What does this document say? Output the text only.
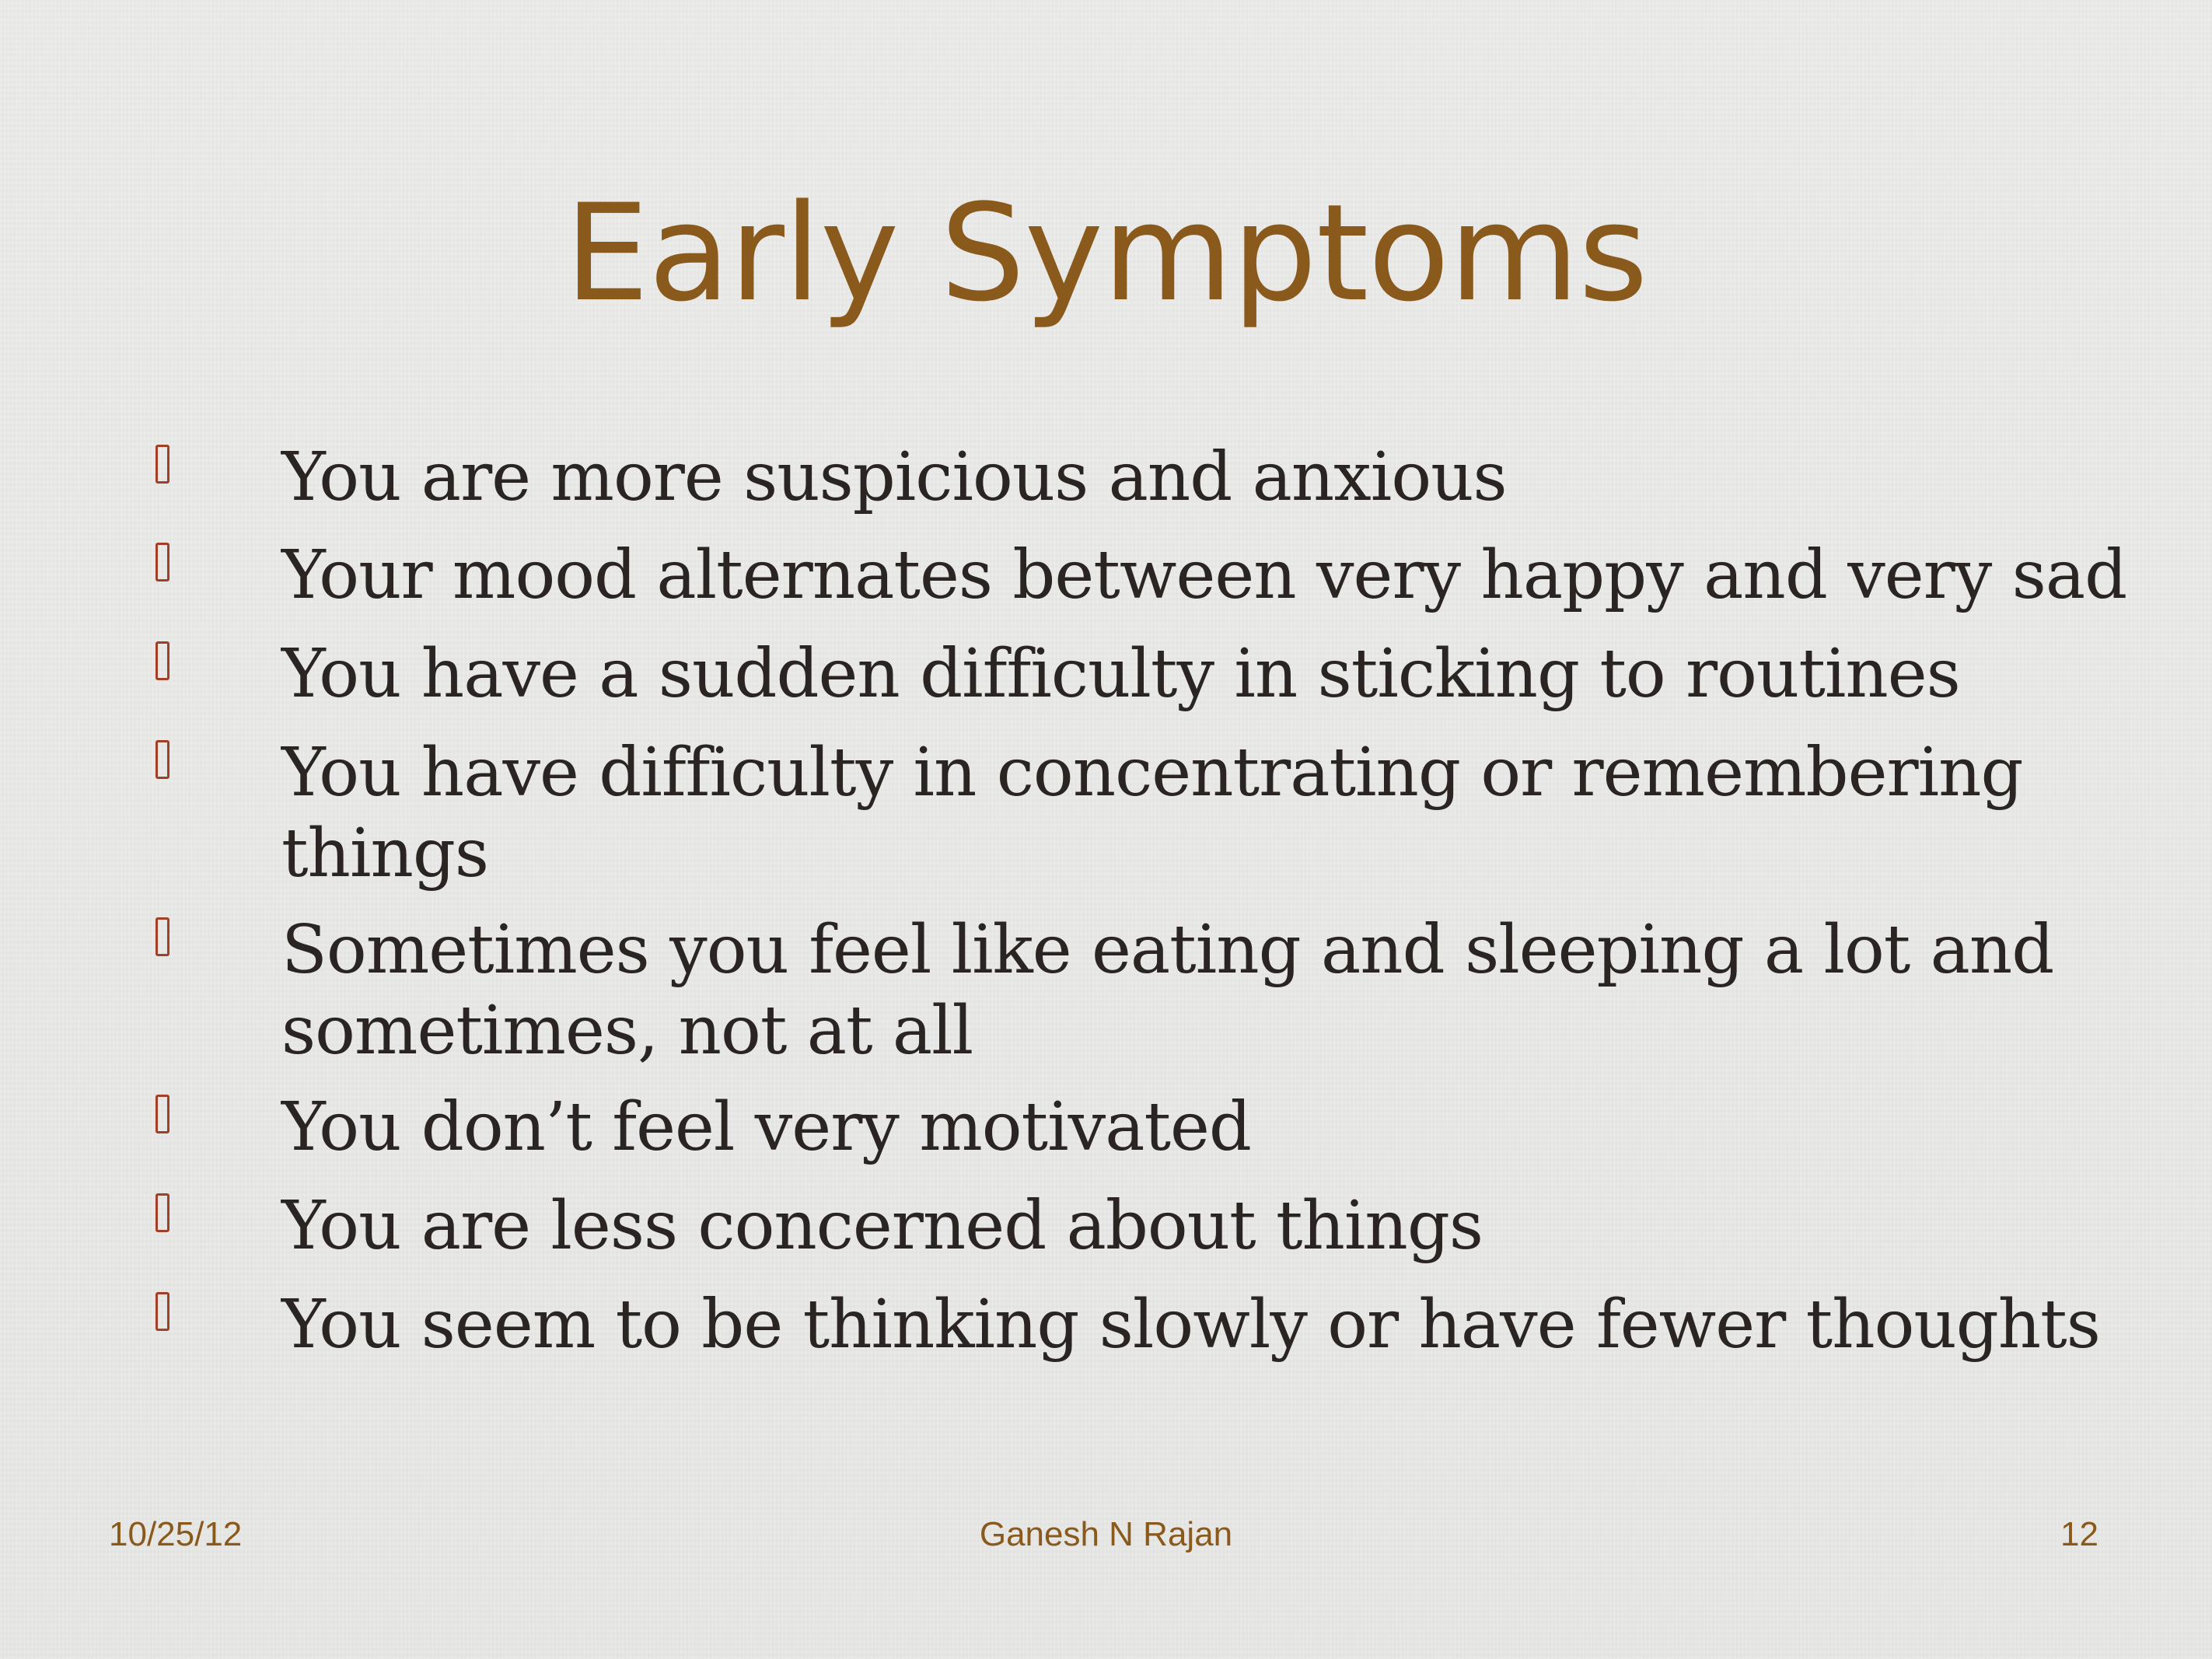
Early Symptoms
You are more suspicious and anxious
Your mood alternates between very happy and very sad
You have a sudden difficulty in sticking to routines
You have difficulty in concentrating or remembering
things
Sometimes you feel like eating and sleeping a lot and
sometimes, not at all
You don’t feel very motivated
You are less concerned about things
You seem to be thinking slowly or have fewer thoughts
10/25/12	Ganesh N Rajan	12
